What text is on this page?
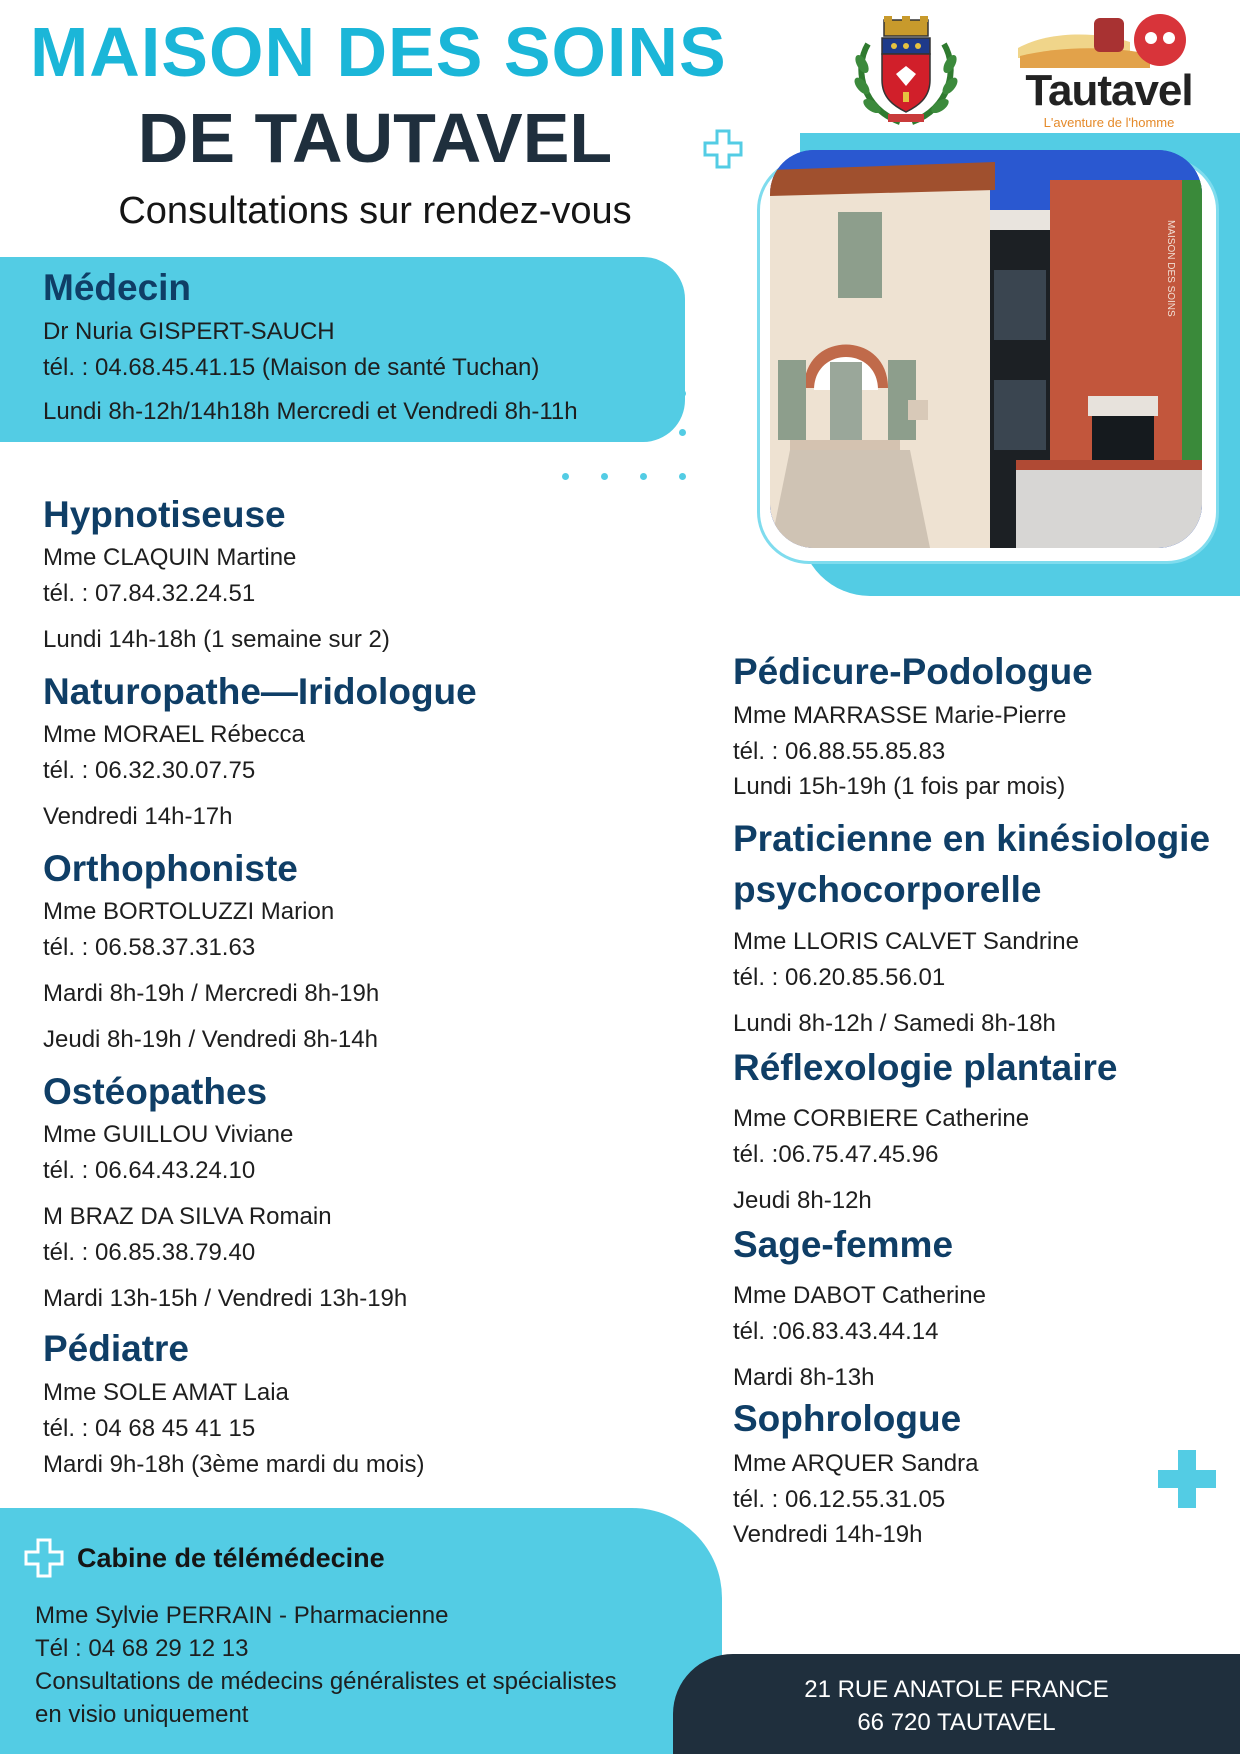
MAISON DES SOINS
DE TAUTAVEL
Consultations sur rendez-vous
Tautavel
L'aventure de l'homme
MAISON DES SOINS
Médecin
Dr Nuria GISPERT-SAUCH
tél. : 04.68.45.41.15 (Maison de santé Tuchan)
Lundi 8h-12h/14h18h Mercredi et Vendredi 8h-11h
Hypnotiseuse
Mme CLAQUIN Martine
tél. : 07.84.32.24.51
Lundi 14h-18h (1 semaine sur 2)
Naturopathe—Iridologue
Mme MORAEL Rébecca
tél. : 06.32.30.07.75
Vendredi 14h-17h
Orthophoniste
Mme BORTOLUZZI Marion
tél. : 06.58.37.31.63
Mardi 8h-19h / Mercredi 8h-19h
Jeudi 8h-19h / Vendredi 8h-14h
Ostéopathes
Mme GUILLOU Viviane
tél. : 06.64.43.24.10
M BRAZ DA SILVA Romain
tél. : 06.85.38.79.40
Mardi 13h-15h / Vendredi 13h-19h
Pédiatre
Mme SOLE AMAT Laia
tél. : 04 68 45 41 15
Mardi 9h-18h (3ème mardi du mois)
Pédicure-Podologue
Mme MARRASSE Marie-Pierre
tél. : 06.88.55.85.83
Lundi 15h-19h (1 fois par mois)
Praticienne en kinésiologie
psychocorporelle
Mme LLORIS CALVET Sandrine
tél. : 06.20.85.56.01
Lundi 8h-12h / Samedi 8h-18h
Réflexologie plantaire
Mme CORBIERE Catherine
tél. :06.75.47.45.96
Jeudi 8h-12h
Sage-femme
Mme DABOT Catherine
tél. :06.83.43.44.14
Mardi 8h-13h
Sophrologue
Mme ARQUER Sandra
tél. : 06.12.55.31.05
Vendredi 14h-19h
Cabine de télémédecine
Mme Sylvie PERRAIN - Pharmacienne
Tél : 04 68 29 12 13
Consultations de médecins généralistes et spécialistes
en visio uniquement
21 RUE ANATOLE FRANCE
66 720 TAUTAVEL
